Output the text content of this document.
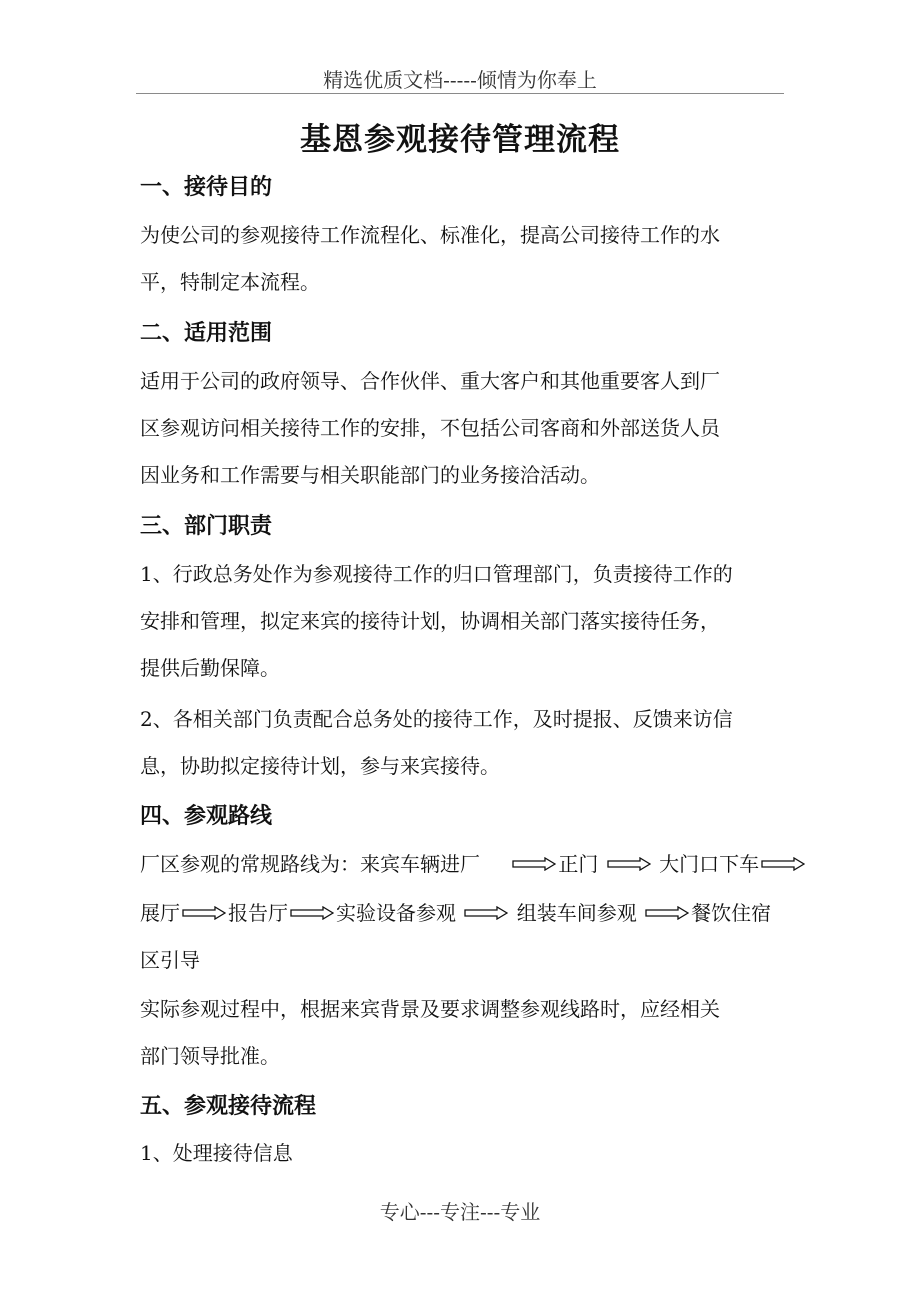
精选优质文档-----倾情为你奉上
基恩参观接待管理流程
一、接待目的
为使公司的参观接待工作流程化、标准化，提高公司接待工作的水
平，特制定本流程。
二、适用范围
适用于公司的政府领导、合作伙伴、重大客户和其他重要客人到厂
区参观访问相关接待工作的安排，不包括公司客商和外部送货人员
因业务和工作需要与相关职能部门的业务接洽活动。
三、部门职责
1、行政总务处作为参观接待工作的归口管理部门，负责接待工作的
安排和管理，拟定来宾的接待计划，协调相关部门落实接待任务，
提供后勤保障。
2、各相关部门负责配合总务处的接待工作，及时提报、反馈来访信
息，协助拟定接待计划，参与来宾接待。
四、参观路线
厂区参观的常规路线为：来宾车辆进厂	正门	大门口下车
展厅 报告厅 实验设备参观	组装车间参观	餐饮住宿
区引导
实际参观过程中，根据来宾背景及要求调整参观线路时，应经相关
部门领导批准。
五、参观接待流程
1、处理接待信息
专心---专注---专业
